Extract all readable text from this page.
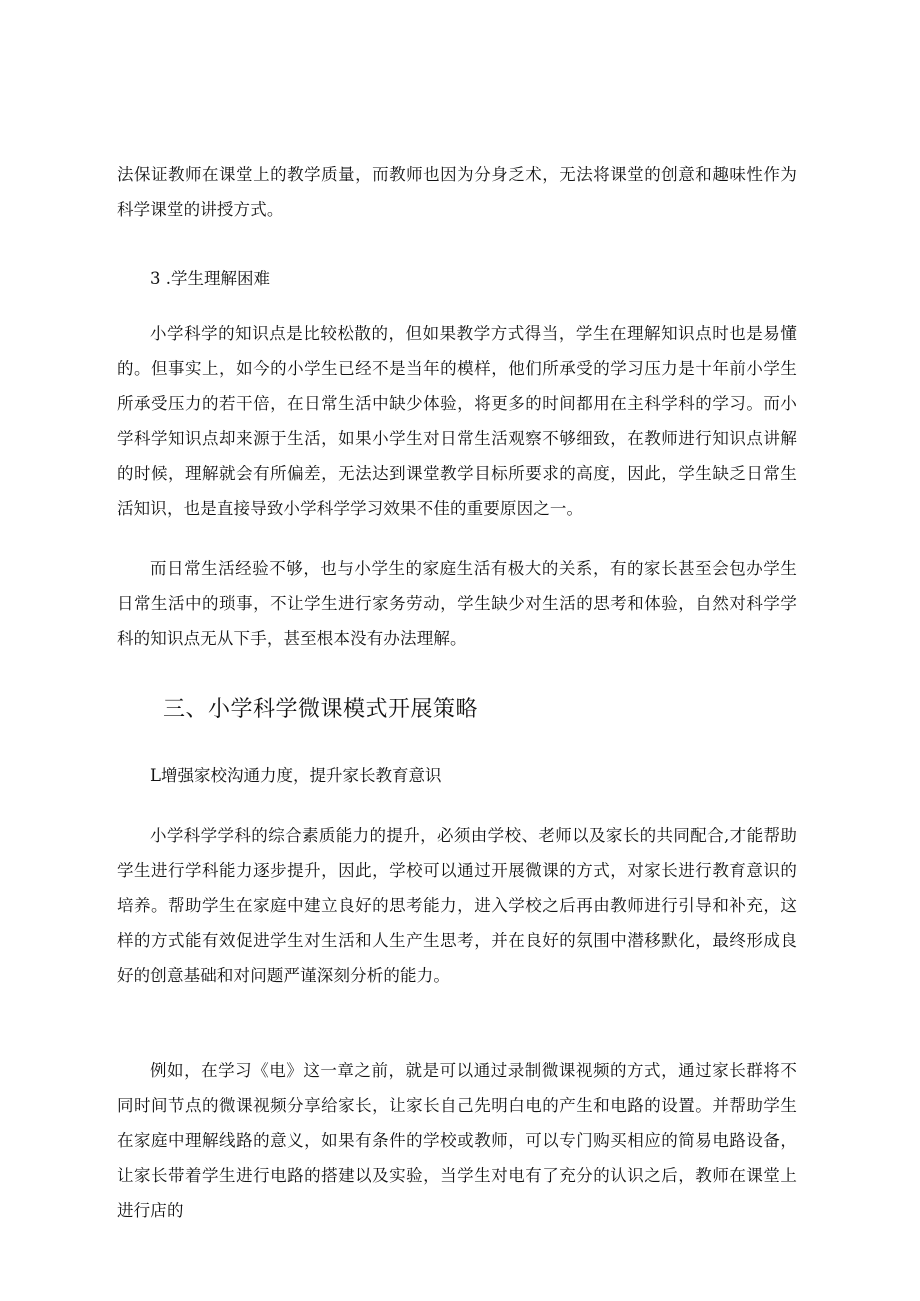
法保证教师在课堂上的教学质量，而教师也因为分身乏术，无法将课堂的创意和趣味性作为科学课堂的讲授方式。

3 .学生理解困难

小学科学的知识点是比较松散的，但如果教学方式得当，学生在理解知识点时也是易懂的。但事实上，如今的小学生已经不是当年的模样，他们所承受的学习压力是十年前小学生所承受压力的若干倍，在日常生活中缺少体验，将更多的时间都用在主科学科的学习。而小学科学知识点却来源于生活，如果小学生对日常生活观察不够细致，在教师进行知识点讲解的时候，理解就会有所偏差，无法达到课堂教学目标所要求的高度，因此，学生缺乏日常生活知识，也是直接导致小学科学学习效果不佳的重要原因之一。

而日常生活经验不够，也与小学生的家庭生活有极大的关系，有的家长甚至会包办学生日常生活中的琐事，不让学生进行家务劳动，学生缺少对生活的思考和体验，自然对科学学科的知识点无从下手，甚至根本没有办法理解。

三、小学科学微课模式开展策略

L增强家校沟通力度，提升家长教育意识

小学科学学科的综合素质能力的提升，必须由学校、老师以及家长的共同配合,才能帮助学生进行学科能力逐步提升，因此，学校可以通过开展微课的方式，对家长进行教育意识的培养。帮助学生在家庭中建立良好的思考能力，进入学校之后再由教师进行引导和补充，这样的方式能有效促进学生对生活和人生产生思考，并在良好的氛围中潜移默化，最终形成良好的创意基础和对问题严谨深刻分析的能力。

例如，在学习《电》这一章之前，就是可以通过录制微课视频的方式，通过家长群将不同时间节点的微课视频分享给家长，让家长自己先明白电的产生和电路的设置。并帮助学生在家庭中理解线路的意义，如果有条件的学校或教师，可以专门购买相应的简易电路设备，让家长带着学生进行电路的搭建以及实验，当学生对电有了充分的认识之后，教师在课堂上进行店的
